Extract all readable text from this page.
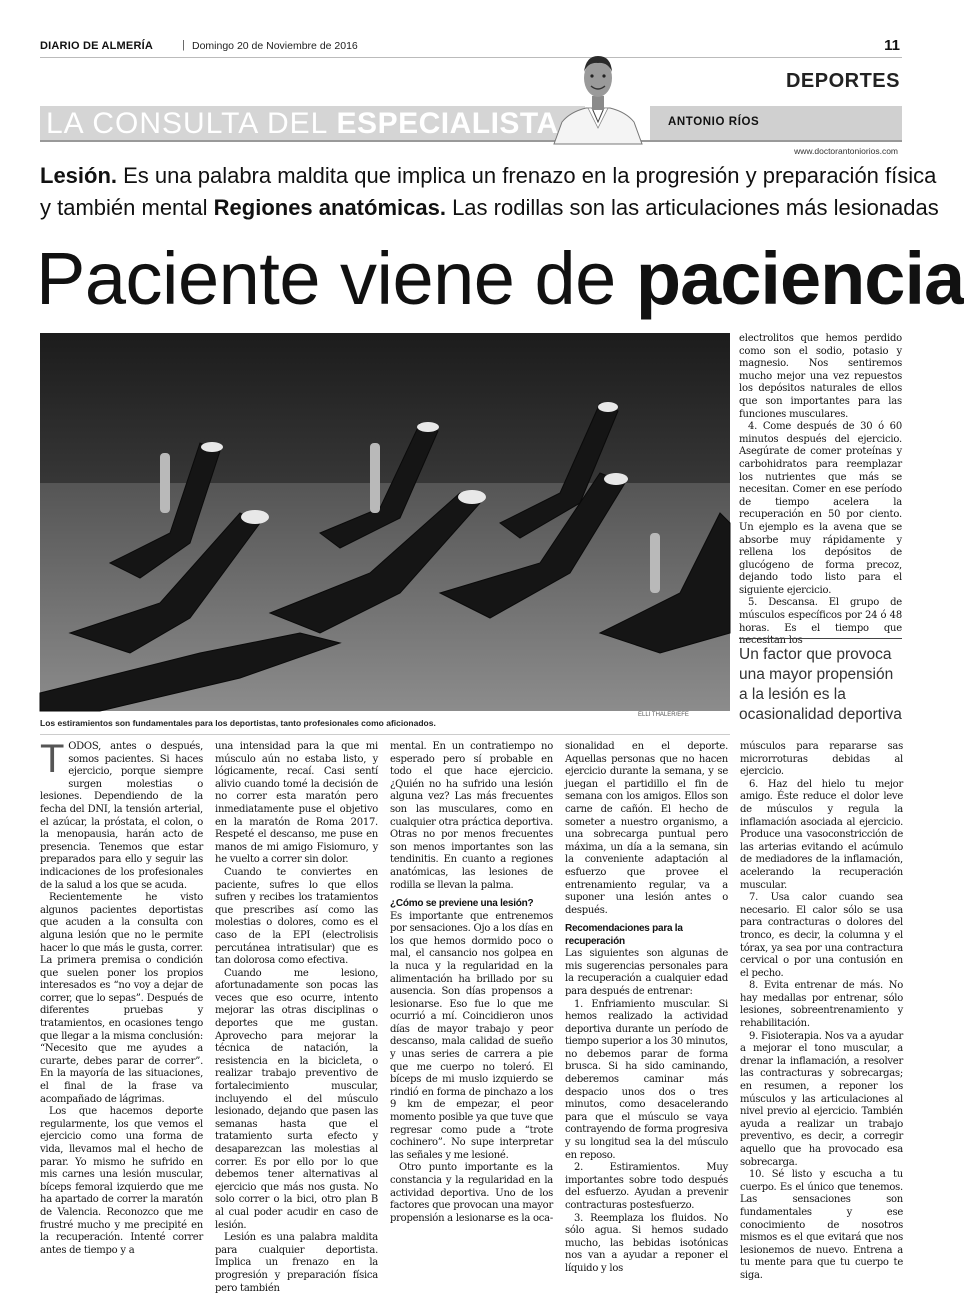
DIARIO DE ALMERÍA	| Domingo 20 de Noviembre de 2016	11
DEPORTES
LA CONSULTA DEL ESPECIALISTA	ANTONIO RÍOS
www.doctorantoniorios.com
Lesión. Es una palabra maldita que implica un frenazo en la progresión y preparación física
y también mental Regiones anatómicas. Las rodillas son las articulaciones más lesionadas
Paciente viene de paciencia
ELLI THALER/EFE
Los estiramientos son fundamentales para los deportistas, tanto profesionales como aficionados.

electrolitos que hemos perdido como son el sodio, potasio y magnesio. Nos sentiremos mucho mejor una vez repuestos los depósitos naturales de ellos que son importantes para las funciones musculares.

4. Come después de 30 ó 60 minutos después del ejercicio. Asegúrate de comer proteínas y carbohidratos para reemplazar los nutrientes que más se necesitan. Comer en ese período de tiempo acelera la recuperación en 50 por ciento. Un ejemplo es la avena que se absorbe muy rápidamente y rellena los depósitos de glucógeno de forma precoz, dejando todo listo para el siguiente ejercicio.

5. Descansa. El grupo de músculos específicos por 24 ó 48 horas. Es el tiempo que necesitan los

Un factor que provoca una mayor propensión a la lesión es la ocasionalidad deportiva

TODOS, antes o después, somos pacientes. Si haces ejercicio, porque siempre surgen molestias o lesiones. Dependiendo de la fecha del DNI, la tensión arterial, el azúcar, la próstata, el colon, o la menopausia, harán acto de presencia. Tenemos que estar preparados para ello y seguir las indicaciones de los profesionales de la salud a los que se acuda.

Recientemente he visto algunos pacientes deportistas que acuden a la consulta con alguna lesión que no le permite hacer lo que más le gusta, correr. La primera premisa o condición que suelen poner los propios interesados es “no voy a dejar de correr, que lo sepas”. Después de diferentes pruebas y tratamientos, en ocasiones tengo que llegar a la misma conclusión: “Necesito que me ayudes a curarte, debes parar de correr”. En la mayoría de las situaciones, el final de la frase va acompañado de lágrimas.

Los que hacemos deporte regularmente, los que vemos el ejercicio como una forma de vida, llevamos mal el hecho de parar. Yo mismo he sufrido en mis carnes una lesión muscular, bíceps femoral izquierdo que me ha apartado de correr la maratón de Valencia. Reconozco que me frustré mucho y me precipité en la recuperación. Intenté correr antes de tiempo y a

una intensidad para la que mi músculo aún no estaba listo, y lógicamente, recaí. Casi sentí alivio cuando tomé la decisión de no correr esta maratón pero inmediatamente puse el objetivo en la maratón de Roma 2017. Respeté el descanso, me puse en manos de mi amigo Fisiomuro, y he vuelto a correr sin dolor.

Cuando te conviertes en paciente, sufres lo que ellos sufren y recibes los tratamientos que prescribes así como las molestias o dolores, como es el caso de la EPI (electrolisis percutánea intratisular) que es tan dolorosa como efectiva.

Cuando me lesiono, afortunadamente son pocas las veces que eso ocurre, intento mejorar las otras disciplinas o deportes que me gustan. Aprovecho para mejorar la técnica de natación, la resistencia en la bicicleta, o realizar trabajo preventivo de fortalecimiento muscular, incluyendo el del músculo lesionado, dejando que pasen las semanas hasta que el tratamiento surta efecto y desaparezcan las molestias al correr. Es por ello por lo que debemos tener alternativas al ejercicio que más nos gusta. No solo correr o la bici, otro plan B al cual poder acudir en caso de lesión.

Lesión es una palabra maldita para cualquier deportista. Implica un frenazo en la progresión y preparación física pero también

mental. En un contratiempo no esperado pero sí probable en todo el que hace ejercicio. ¿Quién no ha sufrido una lesión alguna vez? Las más frecuentes son las musculares, como en cualquier otra práctica deportiva. Otras no por menos frecuentes son menos importantes son las tendinitis. En cuanto a regiones anatómicas, las lesiones de rodilla se llevan la palma.

¿Cómo se previene una lesión?

Es importante que entrenemos por sensaciones. Ojo a los días en los que hemos dormido poco o mal, el cansancio nos golpea en la nuca y la regularidad en la alimentación ha brillado por su ausencia. Son días propensos a lesionarse. Eso fue lo que me ocurrió a mí. Coincidieron unos días de mayor trabajo y peor descanso, mala calidad de sueño y unas series de carrera a pie que me cuerpo no toleró. El bíceps de mi muslo izquierdo se rindió en forma de pinchazo a los 9 km de empezar, el peor momento posible ya que tuve que regresar como pude a “trote cochinero”. No supe interpretar las señales y me lesioné.

Otro punto importante es la constancia y la regularidad en la actividad deportiva. Uno de los factores que provocan una mayor propensión a lesionarse es la oca-

sionalidad en el deporte. Aquellas personas que no hacen ejercicio durante la semana, y se juegan el partidillo el fin de semana con los amigos. Ellos son carne de cañón. El hecho de someter a nuestro organismo, a una sobrecarga puntual pero máxima, un día a la semana, sin la conveniente adaptación al esfuerzo que provee el entrenamiento regular, va a suponer una lesión antes o después.

Recomendaciones para la recuperación

Las siguientes son algunas de mis sugerencias personales para la recuperación a cualquier edad para después de entrenar:

1. Enfriamiento muscular. Si hemos realizado la actividad deportiva durante un período de tiempo superior a los 30 minutos, no debemos parar de forma brusca. Si ha sido caminando, deberemos caminar más despacio unos dos o tres minutos, como desacelerando para que el músculo se vaya contrayendo de forma progresiva y su longitud sea la del músculo en reposo.

2. Estiramientos. Muy importantes sobre todo después del esfuerzo. Ayudan a prevenir contracturas postesfuerzo.

3. Reemplaza los fluidos. No sólo agua. Si hemos sudado mucho, las bebidas isotónicas nos van a ayudar a reponer el líquido y los

músculos para repararse sas microrroturas debidas al ejercicio.

6. Haz del hielo tu mejor amigo. Éste reduce el dolor leve de músculos y regula la inflamación asociada al ejercicio. Produce una vasoconstricción de las arterias evitando el acúmulo de mediadores de la inflamación, acelerando la recuperación muscular.

7. Usa calor cuando sea necesario. El calor sólo se usa para contracturas o dolores del tronco, es decir, la columna y el tórax, ya sea por una contractura cervical o por una contusión en el pecho.

8. Evita entrenar de más. No hay medallas por entrenar, sólo lesiones, sobreentrenamiento y rehabilitación.

9. Fisioterapia. Nos va a ayudar a mejorar el tono muscular, a drenar la inflamación, a resolver las contracturas y sobrecargas; en resumen, a reponer los músculos y las articulaciones al nivel previo al ejercicio. También ayuda a realizar un trabajo preventivo, es decir, a corregir aquello que ha provocado esa sobrecarga.

10. Sé listo y escucha a tu cuerpo. Es el único que tenemos. Las sensaciones son fundamentales y ese conocimiento de nosotros mismos es el que evitará que nos lesionemos de nuevo. Entrena a tu mente para que tu cuerpo te siga.
